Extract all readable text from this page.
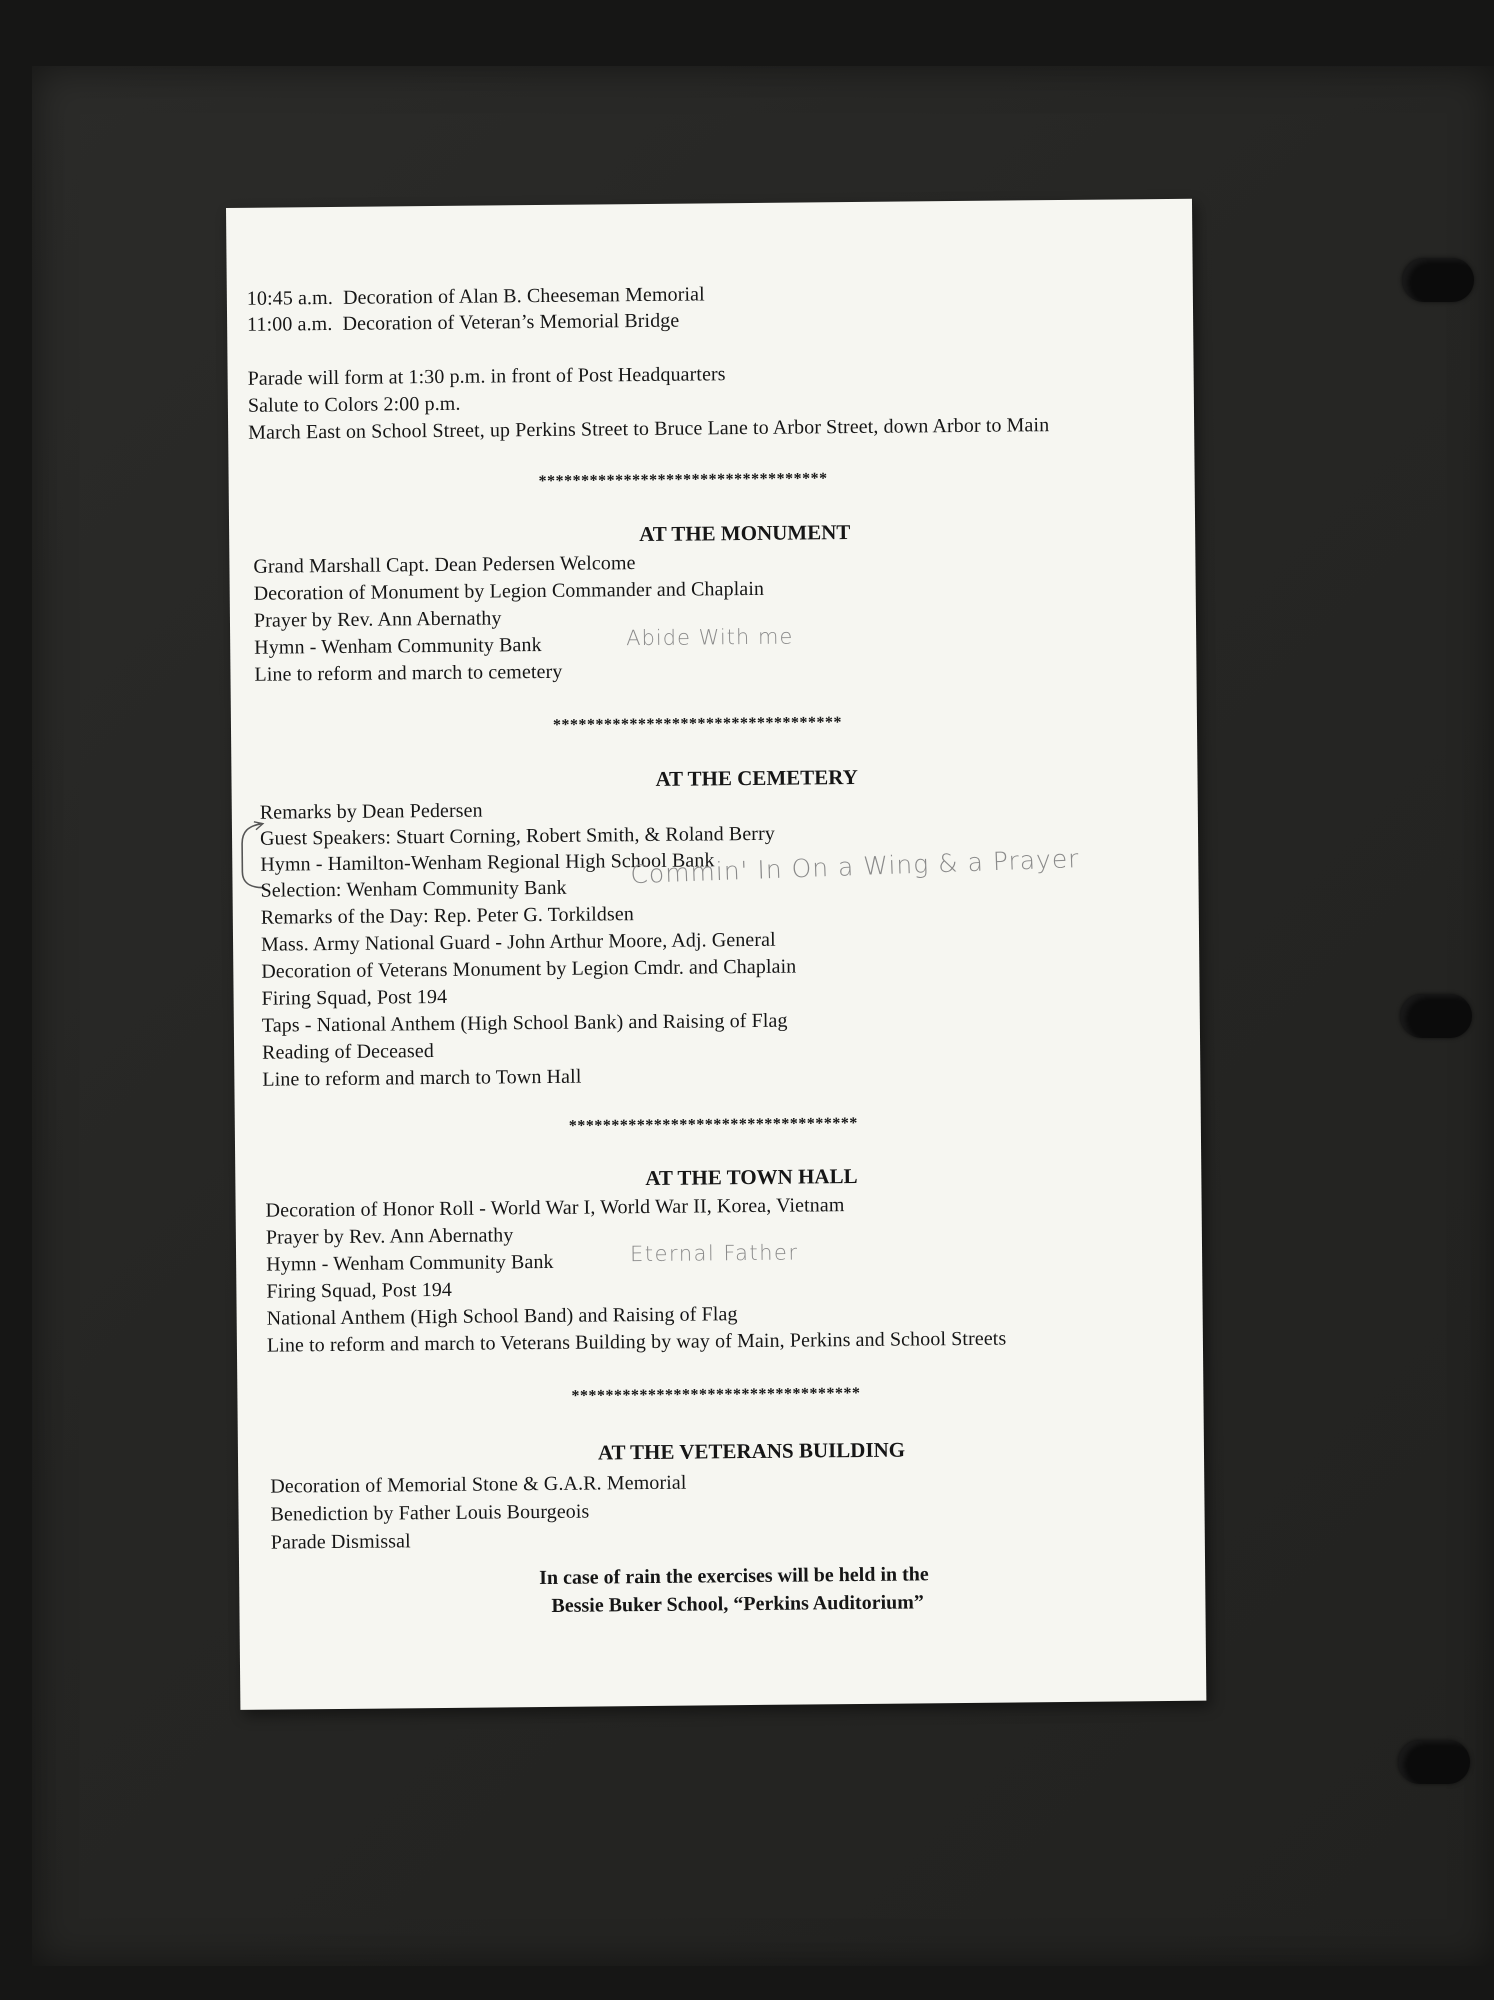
10:45 a.m. Decoration of Alan B. Cheeseman Memorial
11:00 a.m. Decoration of Veteran’s Memorial Bridge
Parade will form at 1:30 p.m. in front of Post Headquarters
Salute to Colors 2:00 p.m.
March East on School Street, up Perkins Street to Bruce Lane to Arbor Street, down Arbor to Main
**********************************
AT THE MONUMENT
Grand Marshall Capt. Dean Pedersen Welcome
Decoration of Monument by Legion Commander and Chaplain
Prayer by Rev. Ann Abernathy
Hymn - Wenham Community Bank	Abide With me
Line to reform and march to cemetery
**********************************
AT THE CEMETERY
Remarks by Dean Pedersen
Guest Speakers: Stuart Corning, Robert Smith, & Roland Berry
Hymn - Hamilton-Wenham Regional High School Bank
Selection: Wenham Community Bank
Commin' In On a Wing & a Prayer
Remarks of the Day: Rep. Peter G. Torkildsen
Mass. Army National Guard - John Arthur Moore, Adj. General
Decoration of Veterans Monument by Legion Cmdr. and Chaplain
Firing Squad, Post 194
Taps - National Anthem (High School Bank) and Raising of Flag
Reading of Deceased
Line to reform and march to Town Hall
**********************************
AT THE TOWN HALL
Decoration of Honor Roll - World War I, World War II, Korea, Vietnam
Prayer by Rev. Ann Abernathy
Hymn - Wenham Community Bank	Eternal Father
Firing Squad, Post 194
National Anthem (High School Band) and Raising of Flag
Line to reform and march to Veterans Building by way of Main, Perkins and School Streets
**********************************
AT THE VETERANS BUILDING
Decoration of Memorial Stone & G.A.R. Memorial
Benediction by Father Louis Bourgeois
Parade Dismissal
In case of rain the exercises will be held in the
Bessie Buker School, “Perkins Auditorium”
